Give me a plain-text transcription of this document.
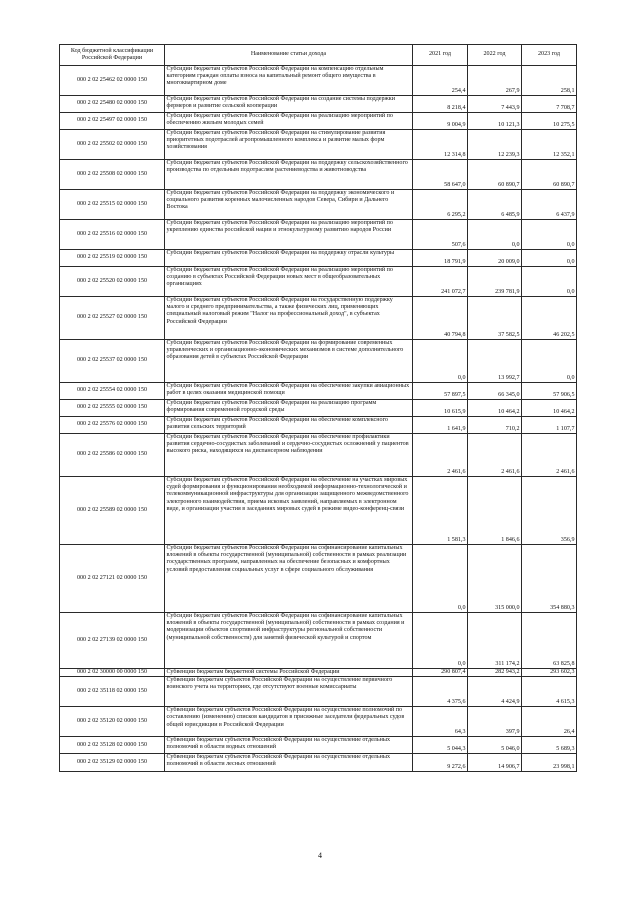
Код бюджетной классификации Российской Федерации	Наименование статьи дохода	2021 год	2022 год	2023 год
000 2 02 25462 02 0000 150	Субсидии бюджетам субъектов Российской Федерации на компенсацию отдельным категориям граждан оплаты взноса на капитальный ремонт общего имущества в многоквартирном доме	254,4	267,9	258,1
000 2 02 25480 02 0000 150	Субсидии бюджетам субъектов Российской Федерации на создание системы поддержки фермеров и развитие сельской кооперации	8 218,4	7 443,9	7 708,7
000 2 02 25497 02 0000 150	Субсидии бюджетам субъектов Российской Федерации на реализацию мероприятий по обеспечению жильем молодых семей	9 004,9	10 121,3	10 275,5
000 2 02 25502 02 0000 150	Субсидии бюджетам субъектов Российской Федерации на стимулирование развития приоритетных подотраслей агропромышленного комплекса и развитие малых форм хозяйствования	12 314,8	12 239,3	12 352,1
000 2 02 25508 02 0000 150	Субсидии бюджетам субъектов Российской Федерации на поддержку сельскохозяйственного производства по отдельным подотраслям растениеводства и животноводства	58 647,0	60 890,7	60 890,7
000 2 02 25515 02 0000 150	Субсидии бюджетам субъектов Российской Федерации на поддержку экономического и социального развития коренных малочисленных народов Севера, Сибири и Дальнего Востока	6 295,2	6 485,9	6 437,9
000 2 02 25516 02 0000 150	Субсидии бюджетам субъектов Российской Федерации на реализацию мероприятий по укреплению единства российской нации и этнокультурному развитию народов России	507,6	0,0	0,0
000 2 02 25519 02 0000 150	Субсидии бюджетам субъектов Российской Федерации на поддержку отрасли культуры	18 791,9	20 009,0	0,0
000 2 02 25520 02 0000 150	Субсидии бюджетам субъектов Российской Федерации на реализацию мероприятий по созданию в субъектах Российской Федерации новых мест в общеобразовательных организациях	241 072,7	239 781,9	0,0
000 2 02 25527 02 0000 150	Субсидии бюджетам субъектов Российской Федерации на государственную поддержку малого и среднего предпринимательства, а также физических лиц, применяющих специальный налоговый режим "Налог на профессиональный доход", в субъектах Российской Федерации	40 794,8	37 582,5	46 202,5
000 2 02 25537 02 0000 150	Субсидии бюджетам субъектов Российской Федерации на формирование современных управленческих и организационно-экономических механизмов в системе дополнительного образования детей в субъектах Российской Федерации	0,0	13 992,7	0,0
000 2 02 25554 02 0000 150	Субсидии бюджетам субъектов Российской Федерации на обеспечение закупки авиационных работ в целях оказания медицинской помощи	57 897,5	66 345,0	57 906,5
000 2 02 25555 02 0000 150	Субсидии бюджетам субъектов Российской Федерации на реализацию программ формирования современной городской среды	10 615,9	10 464,2	10 464,2
000 2 02 25576 02 0000 150	Субсидии бюджетам субъектов Российской Федерации на обеспечение комплексного развития сельских территорий	1 641,9	710,2	1 107,7
000 2 02 25586 02 0000 150	Субсидии бюджетам субъектов Российской Федерации на обеспечение профилактики развития сердечно-сосудистых заболеваний и сердечно-сосудистых осложнений у пациентов высокого риска, находящихся на диспансерном наблюдении	2 461,6	2 461,6	2 461,6
000 2 02 25589 02 0000 150	Субсидии бюджетам субъектов Российской Федерации на обеспечение на участках мировых судей формирования и функционирования необходимой информационно-технологической и телекоммуникационной инфраструктуры для организации защищенного межведомственного электронного взаимодействия, приема исковых заявлений, направляемых в электронном виде, и организации участия в заседаниях мировых судей в режиме видео-конференц-связи	1 581,3	1 846,6	356,9
000 2 02 27121 02 0000 150	Субсидии бюджетам субъектов Российской Федерации на софинансирование капитальных вложений в объекты государственной (муниципальной) собственности в рамках реализации государственных программ, направленных на обеспечение безопасных и комфортных условий предоставления социальных услуг в сфере социального обслуживания	0,0	315 000,0	354 880,3
000 2 02 27139 02 0000 150	Субсидии бюджетам субъектов Российской Федерации на софинансирование капитальных вложений в объекты государственной (муниципальной) собственности в рамках создания и модернизации объектов спортивной инфраструктуры региональной собственности (муниципальной собственности) для занятий физической культурой и спортом	0,0	311 174,2	63 825,8
000 2 02 30000 00 0000 150	Субвенции бюджетам бюджетной системы Российской Федерации	290 807,4	282 943,2	293 602,3
000 2 02 35118 02 0000 150	Субвенции бюджетам субъектов Российской Федерации на осуществление первичного воинского учета на территориях, где отсутствуют военные комиссариаты	4 375,6	4 424,9	4 615,3
000 2 02 35120 02 0000 150	Субвенции бюджетам субъектов Российской Федерации на осуществление полномочий по составлению (изменению) списков кандидатов в присяжные заседатели федеральных судов общей юрисдикции в Российской Федерации	64,3	397,9	26,4
000 2 02 35128 02 0000 150	Субвенции бюджетам субъектов Российской Федерации на осуществление отдельных полномочий в области водных отношений	5 044,3	5 046,0	5 689,3
000 2 02 35129 02 0000 150	Субвенции бюджетам субъектов Российской Федерации на осуществление отдельных полномочий в области лесных отношений	9 272,6	14 906,7	23 998,1
4
